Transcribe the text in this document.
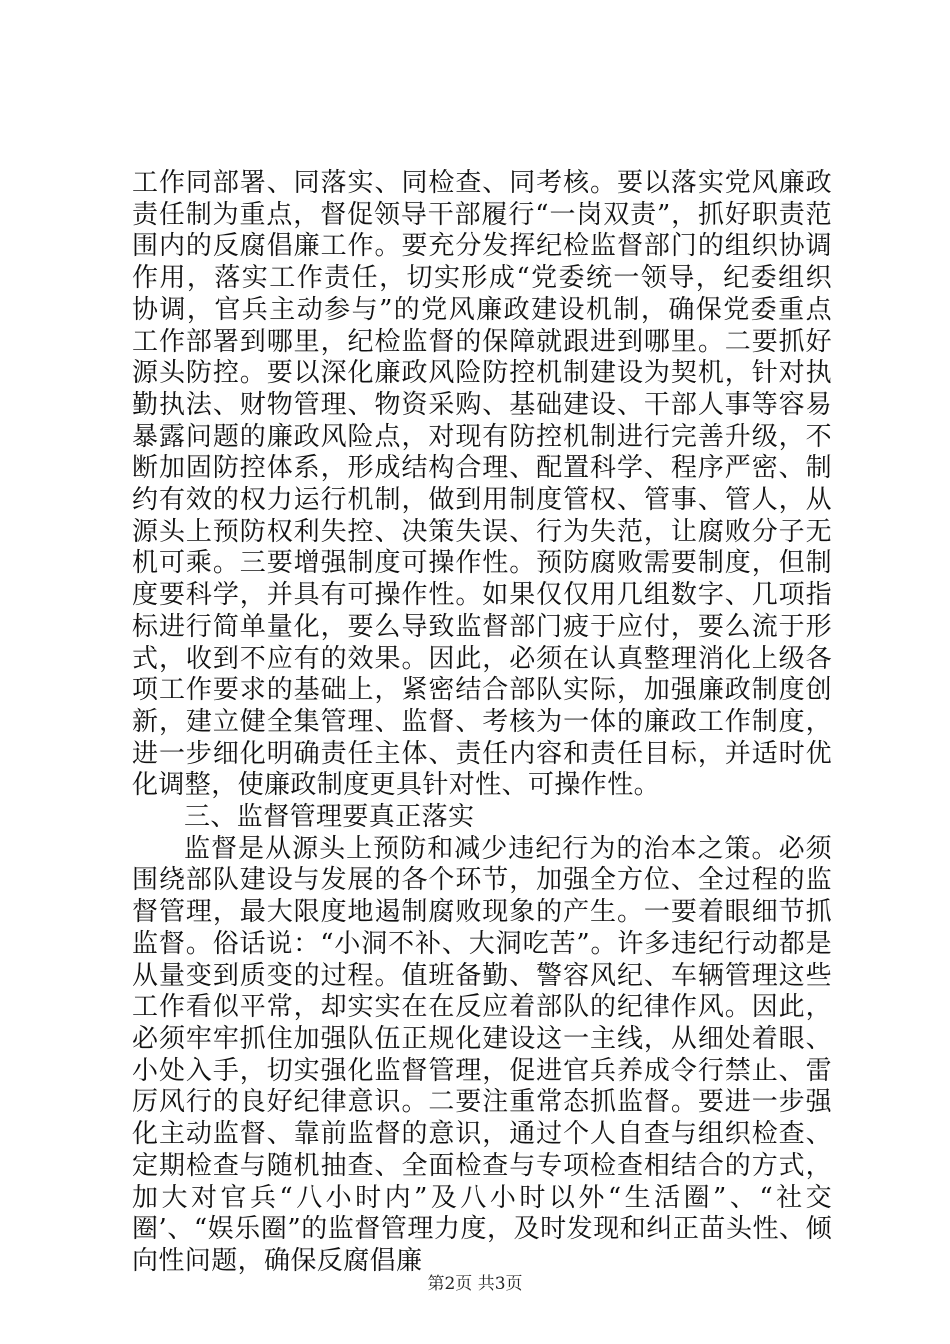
工作同部署、同落实、同检查、同考核。要以落实党风廉政责任制为重点，督促领导干部履行“一岗双责”，抓好职责范围内的反腐倡廉工作。要充分发挥纪检监督部门的组织协调作用，落实工作责任，切实形成“党委统一领导，纪委组织协调，官兵主动参与”的党风廉政建设机制，确保党委重点工作部署到哪里，纪检监督的保障就跟进到哪里。二要抓好源头防控。要以深化廉政风险防控机制建设为契机，针对执勤执法、财物管理、物资采购、基础建设、干部人事等容易暴露问题的廉政风险点，对现有防控机制进行完善升级，不断加固防控体系，形成结构合理、配置科学、程序严密、制约有效的权力运行机制，做到用制度管权、管事、管人，从源头上预防权利失控、决策失误、行为失范，让腐败分子无机可乘。三要增强制度可操作性。预防腐败需要制度，但制度要科学，并具有可操作性。如果仅仅用几组数字、几项指标进行简单量化，要么导致监督部门疲于应付，要么流于形式，收到不应有的效果。因此，必须在认真整理消化上级各项工作要求的基础上，紧密结合部队实际，加强廉政制度创新，建立健全集管理、监督、考核为一体的廉政工作制度，进一步细化明确责任主体、责任内容和责任目标，并适时优化调整，使廉政制度更具针对性、可操作性。

三、监督管理要真正落实

监督是从源头上预防和减少违纪行为的治本之策。必须围绕部队建设与发展的各个环节，加强全方位、全过程的监督管理，最大限度地遏制腐败现象的产生。一要着眼细节抓监督。俗话说：“小洞不补、大洞吃苦”。许多违纪行动都是从量变到质变的过程。值班备勤、警容风纪、车辆管理这些工作看似平常，却实实在在反应着部队的纪律作风。因此，必须牢牢抓住加强队伍正规化建设这一主线，从细处着眼、小处入手，切实强化监督管理，促进官兵养成令行禁止、雷厉风行的良好纪律意识。二要注重常态抓监督。要进一步强化主动监督、靠前监督的意识，通过个人自查与组织检查、定期检查与随机抽查、全面检查与专项检查相结合的方式，加大对官兵“八小时内”及八小时以外“生活圈”、“社交圈’、“娱乐圈”的监督管理力度，及时发现和纠正苗头性、倾向性问题，确保反腐倡廉

第2页 共3页
